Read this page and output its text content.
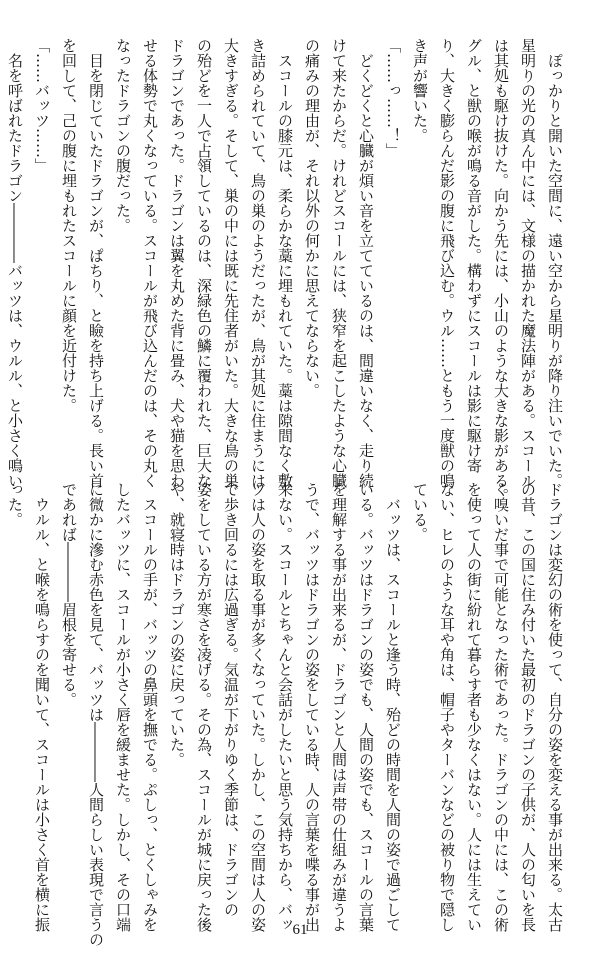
　ぽっかりと開いた空間に、遠い空から星明りが降り注いでいた。
星明りの光の真ん中には、文様の描かれた魔法陣がある。スコール
は其処も駆け抜けた。向かう先には、小山のような大きな影がある。
グル、と獣の喉が鳴る音がした。構わずにスコールは影に駆け寄
り、大きく膨らんだ影の腹に飛び込む。ウル……ともう一度獣の鳴
き声が響いた。
「……っ……！」
　どくどくと心臓が煩い音を立てているのは、間違いなく、走り続
けて来たからだ。けれどスコールには、狭窄を起こしたような心臓
の痛みの理由が、それ以外の何かに思えてならない。
　スコールの膝元は、柔らかな藁に埋もれていた。藁は隙間なく敷
き詰められていて、鳥の巣のようだったが、鳥が其処に住まうには
大きすぎる。そして、巣の中には既に先住者がいた。大きな鳥の巣
の殆どを一人で占領しているのは、深緑色の鱗に覆われた、巨大な
ドラゴンであった。ドラゴンは翼を丸めた背に畳み、犬や猫を思わ
せる体勢で丸くなっている。スコールが飛び込んだのは、その丸く
なったドラゴンの腹だった。
　目を閉じていたドラゴンが、ぱちり、と瞼を持ち上げる。長い首
を回して、己の腹に埋もれたスコールに顔を近付けた。
「……バッツ……」
　名を呼ばれたドラゴン――――バッツは、ウルル、と小さく鳴い
ドラゴンは変幻の術を使って、自分の姿を変える事が出来る。太古
の昔、この国に住み付いた最初のドラゴンの子供が、人の匂いを長
く嗅いだ事で可能となった術であった。ドラゴンの中には、この術
を使って人の街に紛れて暮らす者も少なくはない。人には生えてい
ない、ヒレのような耳や角は、帽子やターバンなどの被り物で隠し
ている。
　バッツは、スコールと逢う時、殆どの時間を人間の姿で過ごして
いる。バッツはドラゴンの姿でも、人間の姿でも、スコールの言葉
を理解する事が出来るが、ドラゴンと人間は声帯の仕組みが違うよ
うで、バッツはドラゴンの姿をしている時、人の言葉を喋る事が出
来ない。スコールとちゃんと会話がしたいと思う気持ちから、バッ
ツは人の姿を取る事が多くなっていた。しかし、この空間は人の姿
で歩き回るには広過ぎる。気温が下がりゆく季節は、ドラゴンの
姿をしている方が寒さを凌げる。その為、スコールが城に戻った後
や、就寝時はドラゴンの姿に戻っていた。
　スコールの手が、バッツの鼻頭を撫でる。ぷしっ、とくしゃみを
したバッツに、スコールが小さく唇を緩ませた。しかし、その口端
に微かに滲む赤色を見て、バッツは――――人間らしい表現で言うの
であれば――――眉根を寄せる。
　ウルル、と喉を鳴らすのを聞いて、スコールは小さく首を横に振
った。
61
